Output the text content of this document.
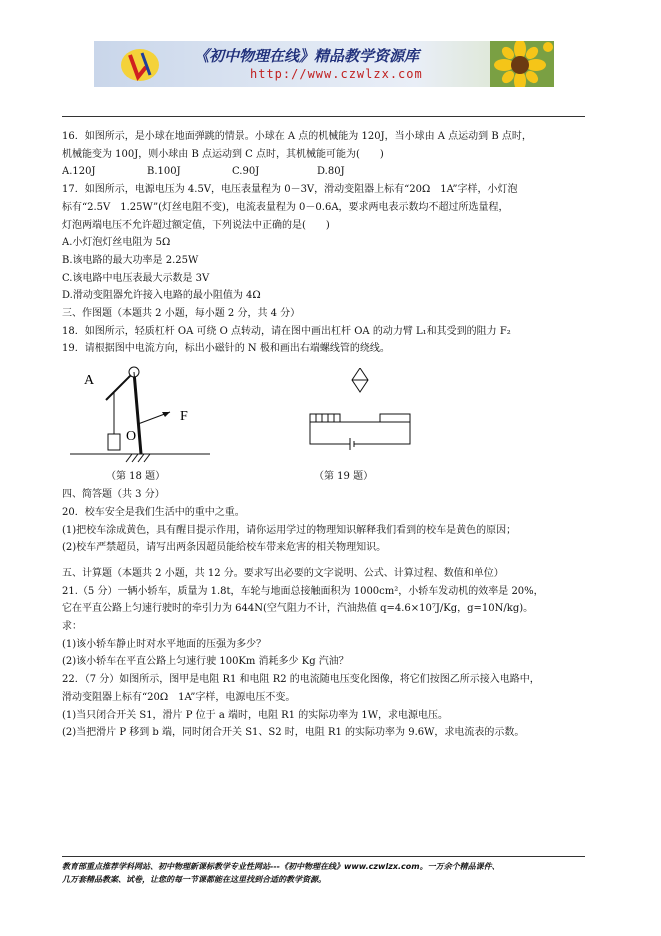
《初中物理在线》精品教学资源库
http://www.czwlzx.com

16．如图所示，是小球在地面弹跳的情景。小球在 A 点的机械能为 120J，当小球由 A 点运动到 B 点时，

机械能变为 100J，则小球由 B 点运动到 C 点时，其机械能可能为(　　)

A.120J	B.100J	C.90J	D.80J

17．如图所示，电源电压为 4.5V，电压表量程为 0－3V，滑动变阻器上标有“20Ω　1A”字样，小灯泡

标有“2.5V　1.25W”(灯丝电阻不变)，电流表量程为 0－0.6A，要求两电表示数均不超过所选量程，

灯泡两端电压不允许超过额定值，下列说法中正确的是(　　)

A.小灯泡灯丝电阻为 5Ω

B.该电路的最大功率是 2.25W

C.该电路中电压表最大示数是 3V

D.滑动变阻器允许接入电路的最小阻值为 4Ω

三、作图题（本题共 2 小题，每小题 2 分，共 4 分）

18．如图所示，轻质杠杆 OA 可绕 O 点转动，请在图中画出杠杆 OA 的动力臂 L₁和其受到的阻力 F₂

19．请根据图中电流方向，标出小磁针的 N 极和画出右端螺线管的绕线。

A
O
F
（第 18 题）	（第 19 题）

四、简答题（共 3 分）

20．校车安全是我们生活中的重中之重。

(1)把校车涂成黄色，具有醒目提示作用，请你运用学过的物理知识解释我们看到的校车是黄色的原因；

(2)校车严禁超员，请写出两条因超员能给校车带来危害的相关物理知识。

五、计算题（本题共 2 小题，共 12 分。要求写出必要的文字说明、公式、计算过程、数值和单位）

21.（5 分）一辆小轿车，质量为 1.8t，车轮与地面总接触面积为 1000cm²，小轿车发动机的效率是 20%，

它在平直公路上匀速行驶时的牵引力为 644N(空气阻力不计，汽油热值 q=4.6×10⁷J/Kg，g=10N/kg)。

求：

(1)该小轿车静止时对水平地面的压强为多少？

(2)该小轿车在平直公路上匀速行驶 100Km 消耗多少 Kg 汽油？

22．（7 分）如图所示，图甲是电阻 R1 和电阻 R2 的电流随电压变化图像，将它们按图乙所示接入电路中，

滑动变阻器上标有“20Ω　1A”字样，电源电压不变。

(1)当只闭合开关 S1，滑片 P 位于 a 端时，电阻 R1 的实际功率为 1W，求电源电压。

(2)当把滑片 P 移到 b 端，同时闭合开关 S1、S2 时，电阻 R1 的实际功率为 9.6W，求电流表的示数。

教育部重点推荐学科网站、初中物理新课标教学专业性网站---《初中物理在线》www.czwlzx.com。一万余个精品课件、

几万套精品教案、试卷，让您的每一节课都能在这里找到合适的教学资源。
